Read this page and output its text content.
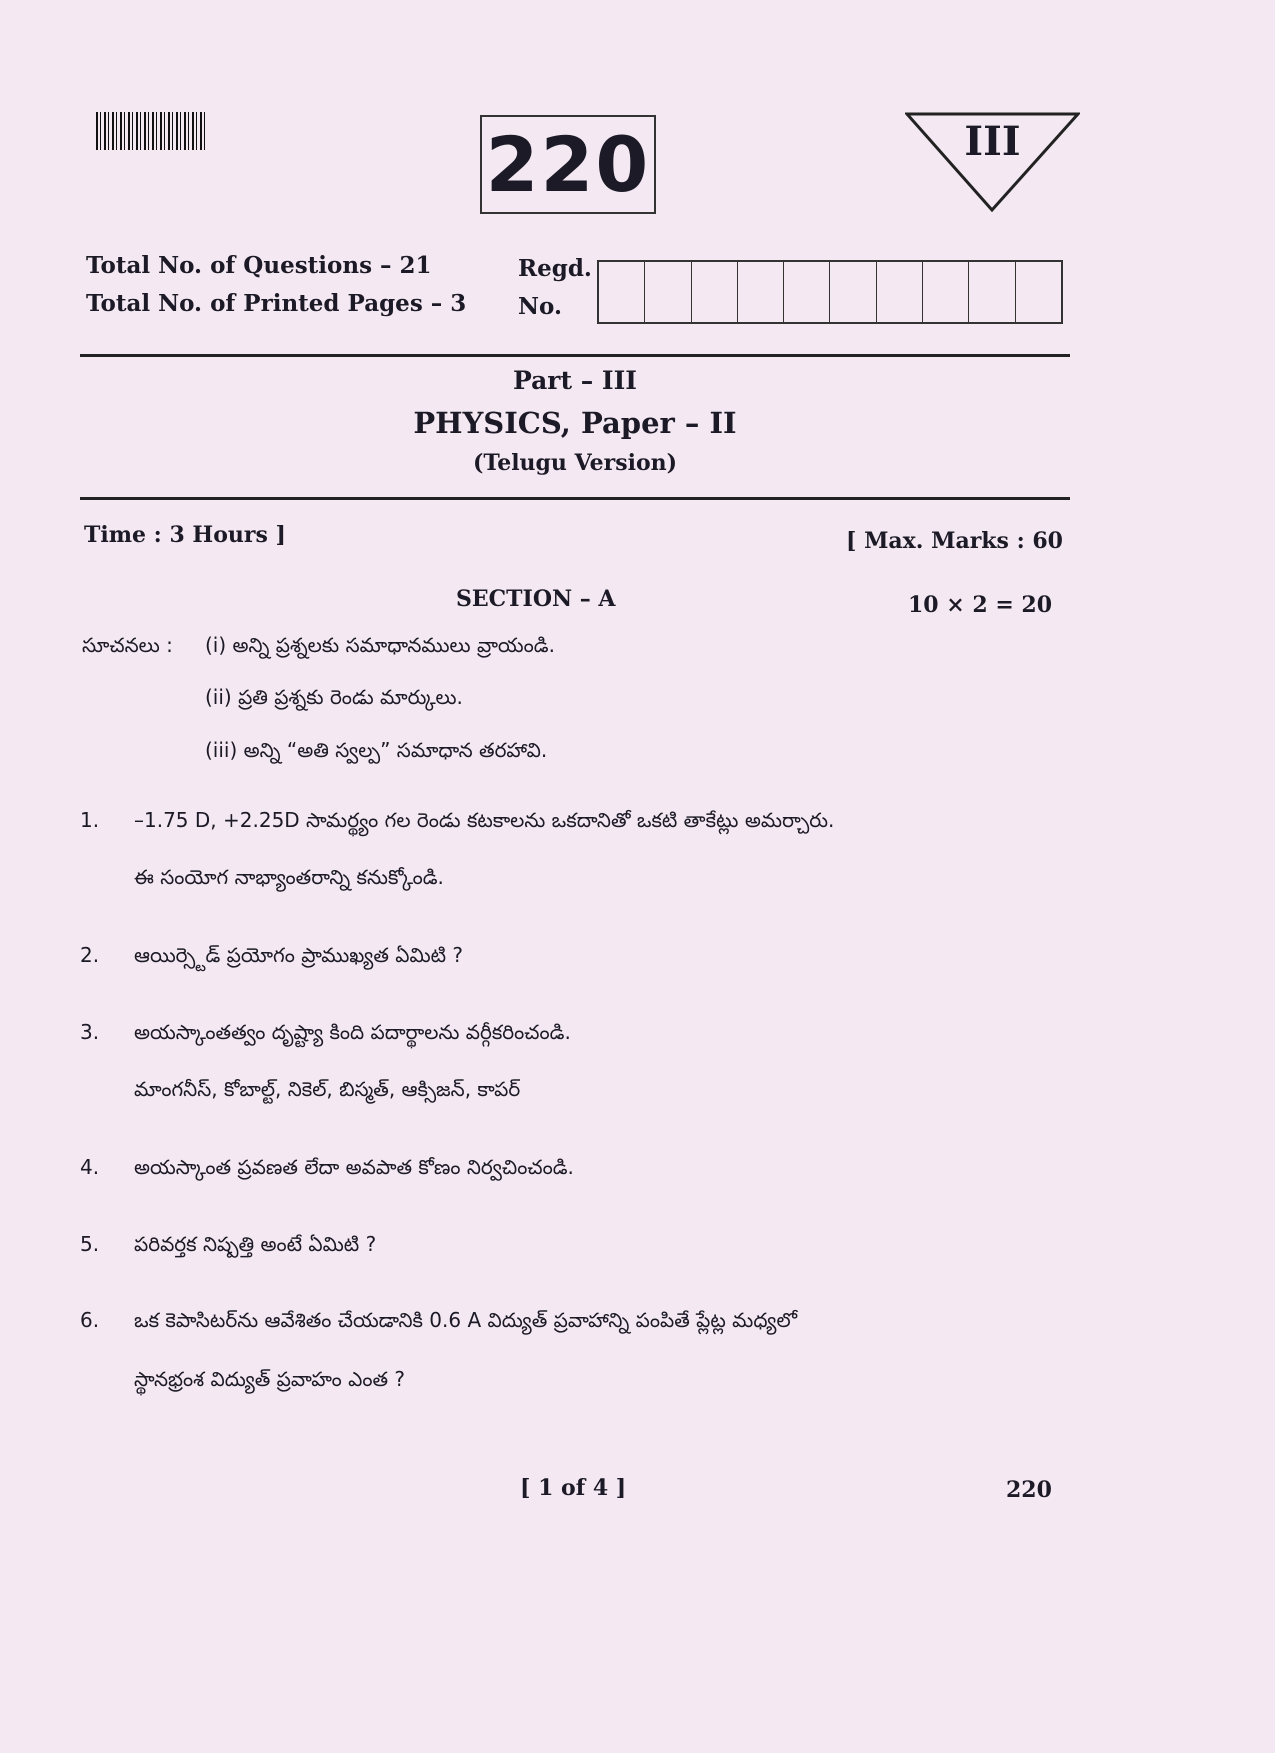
220	III
Total No. of Questions – 21
Total No. of Printed Pages – 3
Regd.
No.
Part – III
PHYSICS, Paper – II
(Telugu Version)
Time : 3 Hours ]	[ Max. Marks : 60
SECTION – A	10 × 2 = 20
సూచనలు : (i) అన్ని ప్రశ్నలకు సమాధానములు వ్రాయండి.
(ii) ప్రతి ప్రశ్నకు రెండు మార్కులు.
(iii) అన్ని “అతి స్వల్ప” సమాధాన తరహావి.
1. –1.75 D, +2.25D సామర్థ్యం గల రెండు కటకాలను ఒకదానితో ఒకటి తాకేట్లు అమర్చారు.
ఈ సంయోగ నాభ్యాంతరాన్ని కనుక్కోండి.
2. ఆయిర్స్టెడ్ ప్రయోగం ప్రాముఖ్యత ఏమిటి ?
3. అయస్కాంతత్వం దృష్ట్యా కింది పదార్థాలను వర్గీకరించండి.
మాంగనీస్, కోబాల్ట్, నికెల్, బిస్మత్, ఆక్సిజన్, కాపర్
4. అయస్కాంత ప్రవణత లేదా అవపాత కోణం నిర్వచించండి.
5. పరివర్తక నిష్పత్తి అంటే ఏమిటి ?
6. ఒక కెపాసిటర్‌ను ఆవేశితం చేయడానికి 0.6 A విద్యుత్ ప్రవాహాన్ని పంపితే ప్లేట్ల మధ్యలో
స్థానభ్రంశ విద్యుత్ ప్రవాహం ఎంత ?
[ 1 of 4 ]	220
